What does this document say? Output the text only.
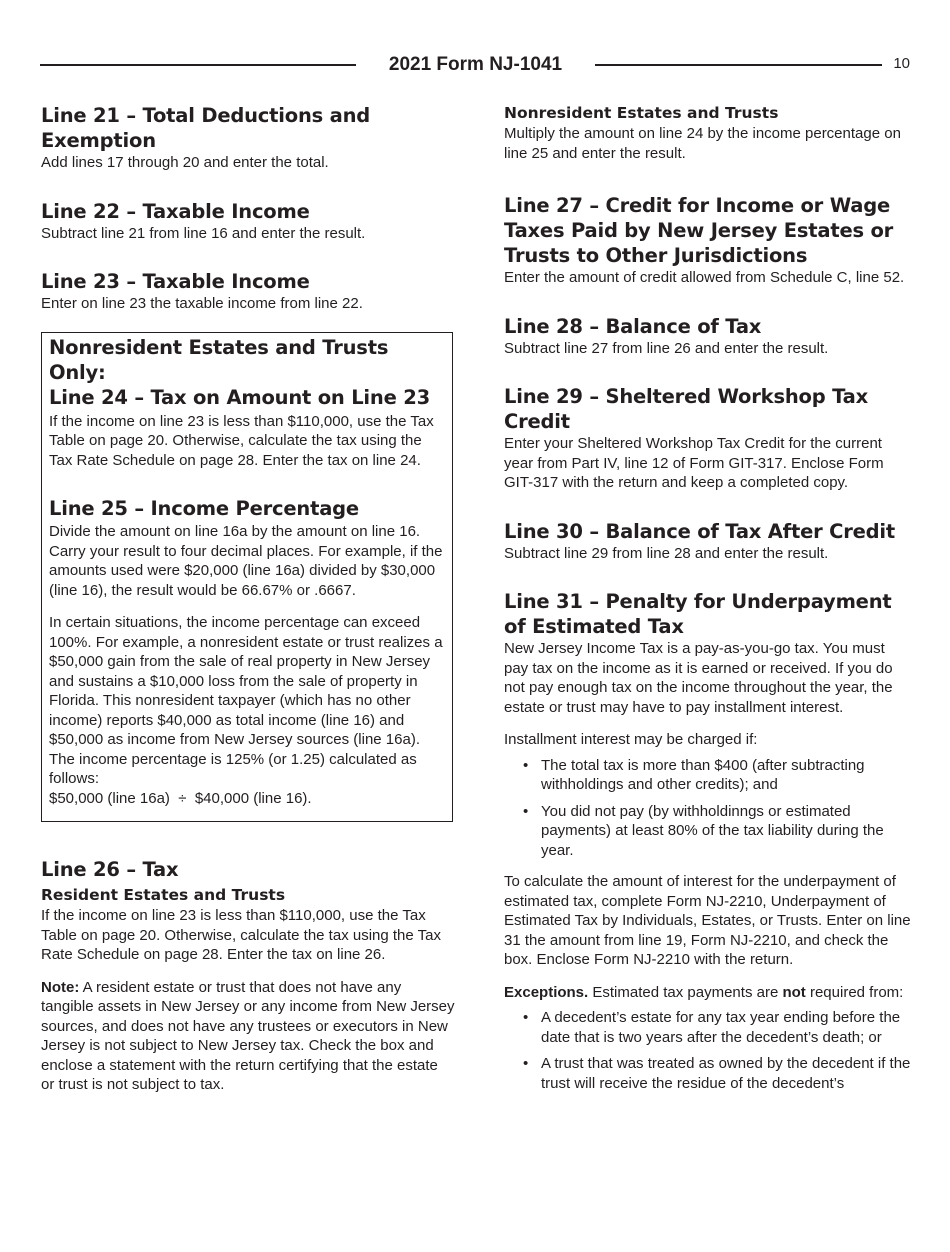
2021 Form NJ-1041	10
Line 21 – Total Deductions and Exemption

Add lines 17 through 20 and enter the total.

Line 22 – Taxable Income

Subtract line 21 from line 16 and enter the result.

Line 23 – Taxable Income

Enter on line 23 the taxable income from line 22.

Nonresident Estates and Trusts Only:
Line 24 – Tax on Amount on Line 23

If the income on line 23 is less than $110,000, use the Tax Table on page 20. Otherwise, calculate the tax using the Tax Rate Schedule on page 28. Enter the tax on line 24.

Line 25 – Income Percentage

Divide the amount on line 16a by the amount on line 16. Carry your result to four decimal places. For example, if the amounts used were $20,000 (line 16a) divided by $30,000 (line 16), the result would be 66.67% or .6667.

In certain situations, the income percentage can exceed 100%. For example, a nonresident estate or trust realizes a $50,000 gain from the sale of real property in New Jersey and sustains a $10,000 loss from the sale of property in Florida. This nonresident taxpayer (which has no other income) reports $40,000 as total income (line 16) and $50,000 as income from New Jersey sources (line 16a). The income percentage is 125% (or 1.25) calculated as follows:

$50,000 (line 16a)  ÷  $40,000 (line 16).

Line 26 – Tax
Resident Estates and Trusts

If the income on line 23 is less than $110,000, use the Tax Table on page 20. Otherwise, calculate the tax using the Tax Rate Schedule on page 28. Enter the tax on line 26.

Note: A resident estate or trust that does not have any tangible assets in New Jersey or any income from New Jersey sources, and does not have any trustees or executors in New Jersey is not subject to New Jersey tax. Check the box and enclose a statement with the return certifying that the estate or trust is not subject to tax.

Nonresident Estates and Trusts

Multiply the amount on line 24 by the income percentage on line 25 and enter the result.

Line 27 – Credit for Income or Wage Taxes Paid by New Jersey Estates or Trusts to Other Jurisdictions

Enter the amount of credit allowed from Schedule C, line 52.

Line 28 – Balance of Tax

Subtract line 27 from line 26 and enter the result.

Line 29 – Sheltered Workshop Tax Credit

Enter your Sheltered Workshop Tax Credit for the current year from Part IV, line 12 of Form GIT-317. Enclose Form GIT-317 with the return and keep a completed copy.

Line 30 – Balance of Tax After Credit

Subtract line 29 from line 28 and enter the result.

Line 31 – Penalty for Underpayment of Estimated Tax

New Jersey Income Tax is a pay-as-you-go tax. You must pay tax on the income as it is earned or received. If you do not pay enough tax on the income throughout the year, the estate or trust may have to pay installment interest.

Installment interest may be charged if:

• The total tax is more than $400 (after subtracting withholdings and other credits); and
• You did not pay (by withholdinngs or estimated payments) at least 80% of the tax liability during the year.

To calculate the amount of interest for the underpayment of estimated tax, complete Form NJ-2210, Underpayment of Estimated Tax by Individuals, Estates, or Trusts. Enter on line 31 the amount from line 19, Form NJ-2210, and check the box. Enclose Form NJ-2210 with the return.

Exceptions. Estimated tax payments are not required from:

• A decedent’s estate for any tax year ending before the date that is two years after the decedent’s death; or
• A trust that was treated as owned by the decedent if the trust will receive the residue of the decedent’s
